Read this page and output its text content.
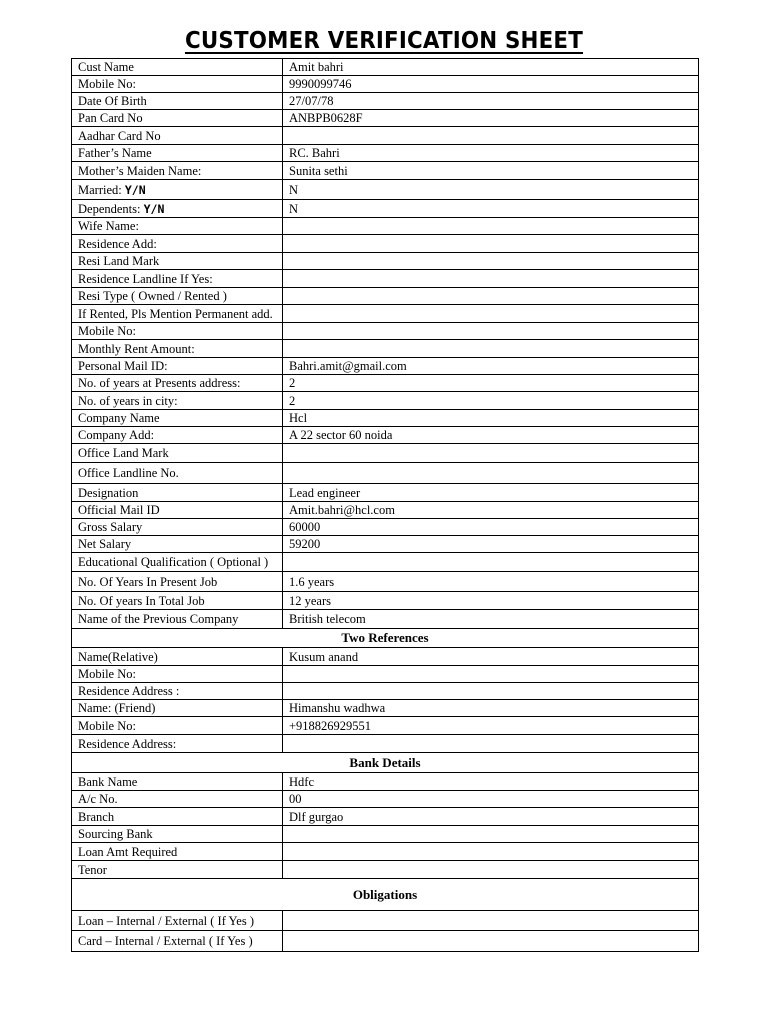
CUSTOMER VERIFICATION SHEET
Cust Name	Amit bahri
Mobile No:	9990099746
Date Of Birth	27/07/78
Pan Card No	ANBPB0628F
Aadhar Card No	
Father’s Name	RC. Bahri
Mother’s Maiden Name:	Sunita sethi
Married: Y/N	N
Dependents: Y/N	N
Wife Name:	
Residence Add:	
Resi Land Mark	
Residence Landline If Yes:	
Resi Type ( Owned / Rented )	
If Rented, Pls Mention Permanent add.	
Mobile No:	
Monthly Rent Amount:	
Personal Mail ID:	Bahri.amit@gmail.com
No. of years at Presents address:	2
No. of years in city:	2
Company Name	Hcl
Company Add:	A 22 sector 60 noida
Office Land Mark	
Office Landline No.	
Designation	Lead engineer
Official Mail ID	Amit.bahri@hcl.com
Gross Salary	60000
Net Salary	59200
Educational Qualification ( Optional )	
No. Of Years In Present Job	1.6 years
No. Of years In Total Job	12 years
Name of the Previous Company	British telecom
Two References	
Name(Relative)	Kusum anand
Mobile No:	
Residence Address :	
Name: (Friend)	Himanshu wadhwa
Mobile No:	+918826929551
Residence Address:	
Bank Details	
Bank Name	Hdfc
A/c No.	00
Branch	Dlf gurgao
Sourcing Bank	
Loan Amt Required	
Tenor	
Obligations	
Loan – Internal / External ( If Yes )	
Card – Internal / External ( If Yes )	
